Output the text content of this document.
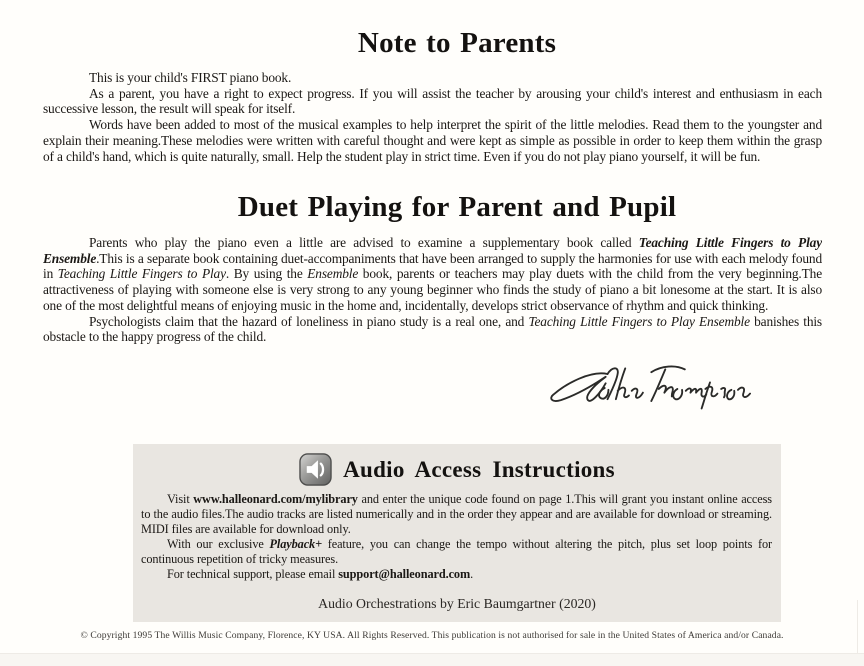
Note to Parents

This is your child's FIRST piano book.

As a parent, you have a right to expect progress. If you will assist the teacher by arousing your child's interest and enthusiasm in each successive lesson, the result will speak for itself.

Words have been added to most of the musical examples to help interpret the spirit of the little melodies. Read them to the youngster and explain their meaning.These melodies were written with careful thought and were kept as simple as possible in order to keep them within the grasp of a child's hand, which is quite naturally, small. Help the student play in strict time. Even if you do not play piano yourself, it will be fun.

Duet Playing for Parent and Pupil

Parents who play the piano even a little are advised to examine a supplementary book called Teaching Little Fingers to Play Ensemble.This is a separate book containing duet-accompaniments that have been arranged to supply the harmonies for use with each melody found in Teaching Little Fingers to Play. By using the Ensemble book, parents or teachers may play duets with the child from the very beginning.The attractiveness of playing with someone else is very strong to any young beginner who finds the study of piano a bit lonesome at the start. It is also one of the most delightful means of enjoying music in the home and, incidentally, develops strict observance of rhythm and quick thinking.

Psychologists claim that the hazard of loneliness in piano study is a real one, and Teaching Little Fingers to Play Ensemble banishes this obstacle to the happy progress of the child.

Audio Access Instructions

Visit www.halleonard.com/mylibrary and enter the unique code found on page 1.This will grant you instant online access to the audio files.The audio tracks are listed numerically and in the order they appear and are available for download or streaming. MIDI files are available for download only.

With our exclusive Playback+ feature, you can change the tempo without altering the pitch, plus set loop points for continuous repetition of tricky measures.

For technical support, please email support@halleonard.com.

Audio Orchestrations by Eric Baumgartner (2020)
© Copyright 1995 The Willis Music Company, Florence, KY USA. All Rights Reserved. This publication is not authorised for sale in the United States of America and/or Canada.
